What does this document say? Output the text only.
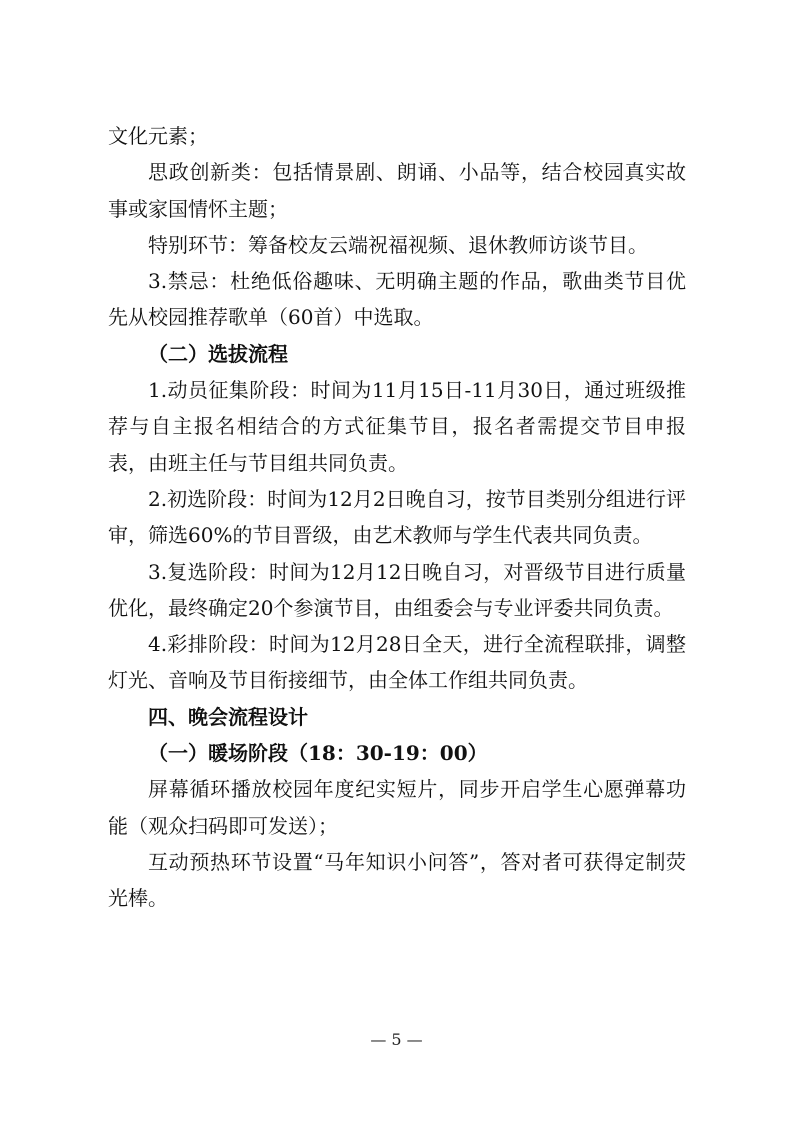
文化元素；

思政创新类：包括情景剧、朗诵、小品等，结合校园真实故事或家国情怀主题；

特别环节：筹备校友云端祝福视频、退休教师访谈节目。

3.禁忌：杜绝低俗趣味、无明确主题的作品，歌曲类节目优先从校园推荐歌单（60首）中选取。

（二）选拔流程

1.动员征集阶段：时间为11月15日-11月30日，通过班级推荐与自主报名相结合的方式征集节目，报名者需提交节目申报表，由班主任与节目组共同负责。

2.初选阶段：时间为12月2日晚自习，按节目类别分组进行评审，筛选60%的节目晋级，由艺术教师与学生代表共同负责。

3.复选阶段：时间为12月12日晚自习，对晋级节目进行质量优化，最终确定20个参演节目，由组委会与专业评委共同负责。

4.彩排阶段：时间为12月28日全天，进行全流程联排，调整灯光、音响及节目衔接细节，由全体工作组共同负责。

四、晚会流程设计

（一）暖场阶段（18：30-19：00）

屏幕循环播放校园年度纪实短片，同步开启学生心愿弹幕功能（观众扫码即可发送）；

互动预热环节设置“马年知识小问答”，答对者可获得定制荧光棒。

— 5 —
